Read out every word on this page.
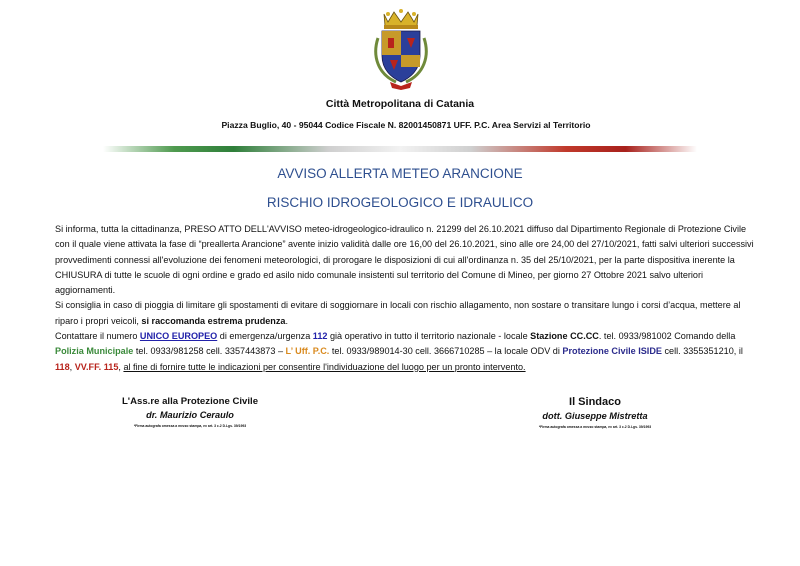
Città Metropolitana di Catania
Piazza Buglio, 40 - 95044 Codice Fiscale N. 82001450871 UFF. P.C. Area Servizi al Territorio
AVVISO ALLERTA METEO ARANCIONE
RISCHIO IDROGEOLOGICO E IDRAULICO
Si informa, tutta la cittadinanza, PRESO ATTO DELL'AVVISO meteo-idrogeologico-idraulico n. 21299 del 26.10.2021 diffuso dal Dipartimento Regionale di Protezione Civile con il quale viene attivata la fase di “preallerta Arancione” avente inizio validità dalle ore 16,00 del 26.10.2021, sino alle ore 24,00 del 27/10/2021, fatti salvi ulteriori successivi provvedimenti connessi all'evoluzione dei fenomeni meteorologici, di prorogare le disposizioni di cui all'ordinanza n. 35 del 25/10/2021, per la parte dispositiva inerente la CHIUSURA di tutte le scuole di ogni ordine e grado ed asilo nido comunale insistenti sul territorio del Comune di Mineo, per giorno 27 Ottobre 2021 salvo ulteriori aggiornamenti.
Si consiglia in caso di pioggia di limitare gli spostamenti di evitare di soggiornare in locali con rischio allagamento, non sostare o transitare lungo i corsi d’acqua, mettere al riparo i propri veicoli, si raccomanda estrema prudenza.
Contattare il numero UNICO EUROPEO di emergenza/urgenza 112 già operativo in tutto il territorio nazionale - locale Stazione CC.CC. tel. 0933/981002 Comando della Polizia Municipale tel. 0933/981258 cell. 3357443873 – L’ Uff. P.C. tel. 0933/989014-30 cell. 3666710285 – la locale ODV di Protezione Civile ISIDE cell. 3355351210, il 118, VV.FF. 115, al fine di fornire tutte le indicazioni per consentire l'individuazione del luogo per un pronto intervento.
L'Ass.re alla Protezione Civile
dr. Maurizio Ceraulo
*Firma autografa omessa a mezzo stampa, ex art. 3 c.2 D.Lgs. 39/1993
Il Sindaco
dott. Giuseppe Mistretta
*Firma autografa omessa a mezzo stampa, ex art. 3 c.2 D.Lgs. 39/1993
